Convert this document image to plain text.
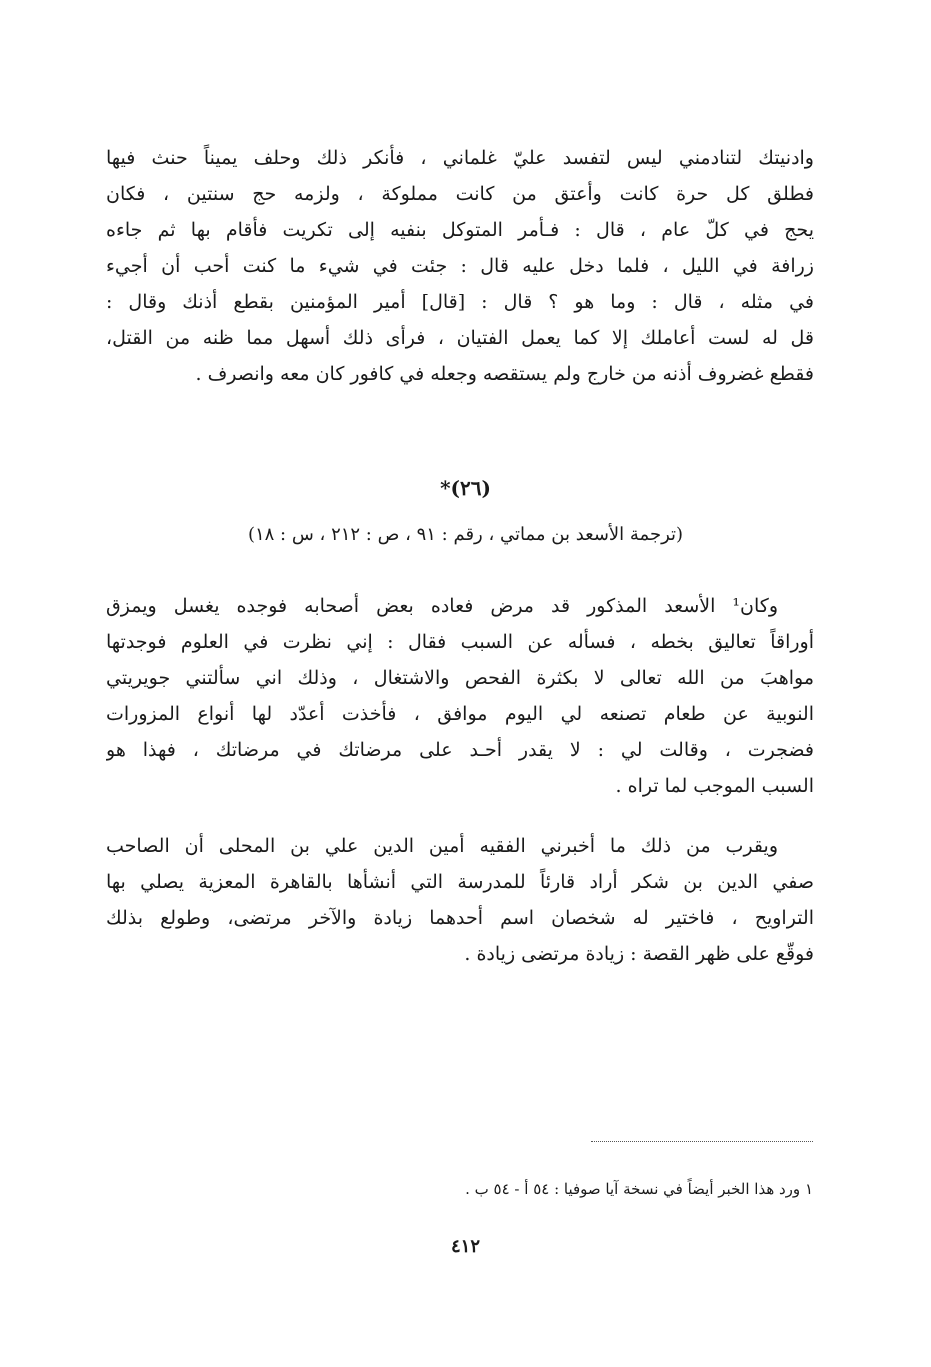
وادنيتك لتنادمني ليس لتفسد عليّ غلماني ، فأنكر ذلك وحلف يميناً حنث فيها
فطلق كل حرة كانت وأعتق من كانت مملوكة ، ولزمه حج سنتين ، فكان
يحج في كلّ عام ، قال : فـأمر المتوكل بنفيه إلى تكريت فأقام بها ثم جاءه
زرافة في الليل ، فلما دخل عليه قال : جئت في شيء ما كنت أحب أن أجيء
في مثله ، قال : وما هو ؟ قال : [قال] أمير المؤمنين بقطع أذنك وقال :
قل له لست أعاملك إلا كما يعمل الفتيان ، فرأى ذلك أسهل مما ظنه من القتل،
فقطع غضروف أذنه من خارج ولم يستقصه وجعله في كافور كان معه وانصرف .
(٢٦)*
(ترجمة الأسعد بن مماتي ، رقم : ٩١ ، ص : ٢١٢ ، س : ١٨)
وكان¹ الأسعد المذكور قد مرض فعاده بعض أصحابه فوجده يغسل ويمزق
أوراقاً تعاليق بخطه ، فسأله عن السبب فقال : إني نظرت في العلوم فوجدتها
مواهبَ من الله تعالى لا بكثرة الفحص والاشتغال ، وذلك اني سألتني جويريتي
النوبية عن طعام تصنعه لي اليوم موافق ، فأخذت أعدّد لها أنواع المزورات
فضجرت ، وقالت لي : لا يقدر أحـد على مرضاتك في مرضاتك ، فهذا هو
السبب الموجب لما تراه .
ويقرب من ذلك ما أخبرني الفقيه أمين الدين علي بن المحلى أن الصاحب
صفي الدين بن شكر أراد قارئاً للمدرسة التي أنشأها بالقاهرة المعزية يصلي بها
التراويح ، فاختير له شخصان اسم أحدهما زيادة والآخر مرتضى، وطولع بذلك
فوقّع على ظهر القصة : زيادة مرتضى زيادة .
١ ورد هذا الخبر أيضاً في نسخة آيا صوفيا : ٥٤ أ - ٥٤ ب .
٤١٢
